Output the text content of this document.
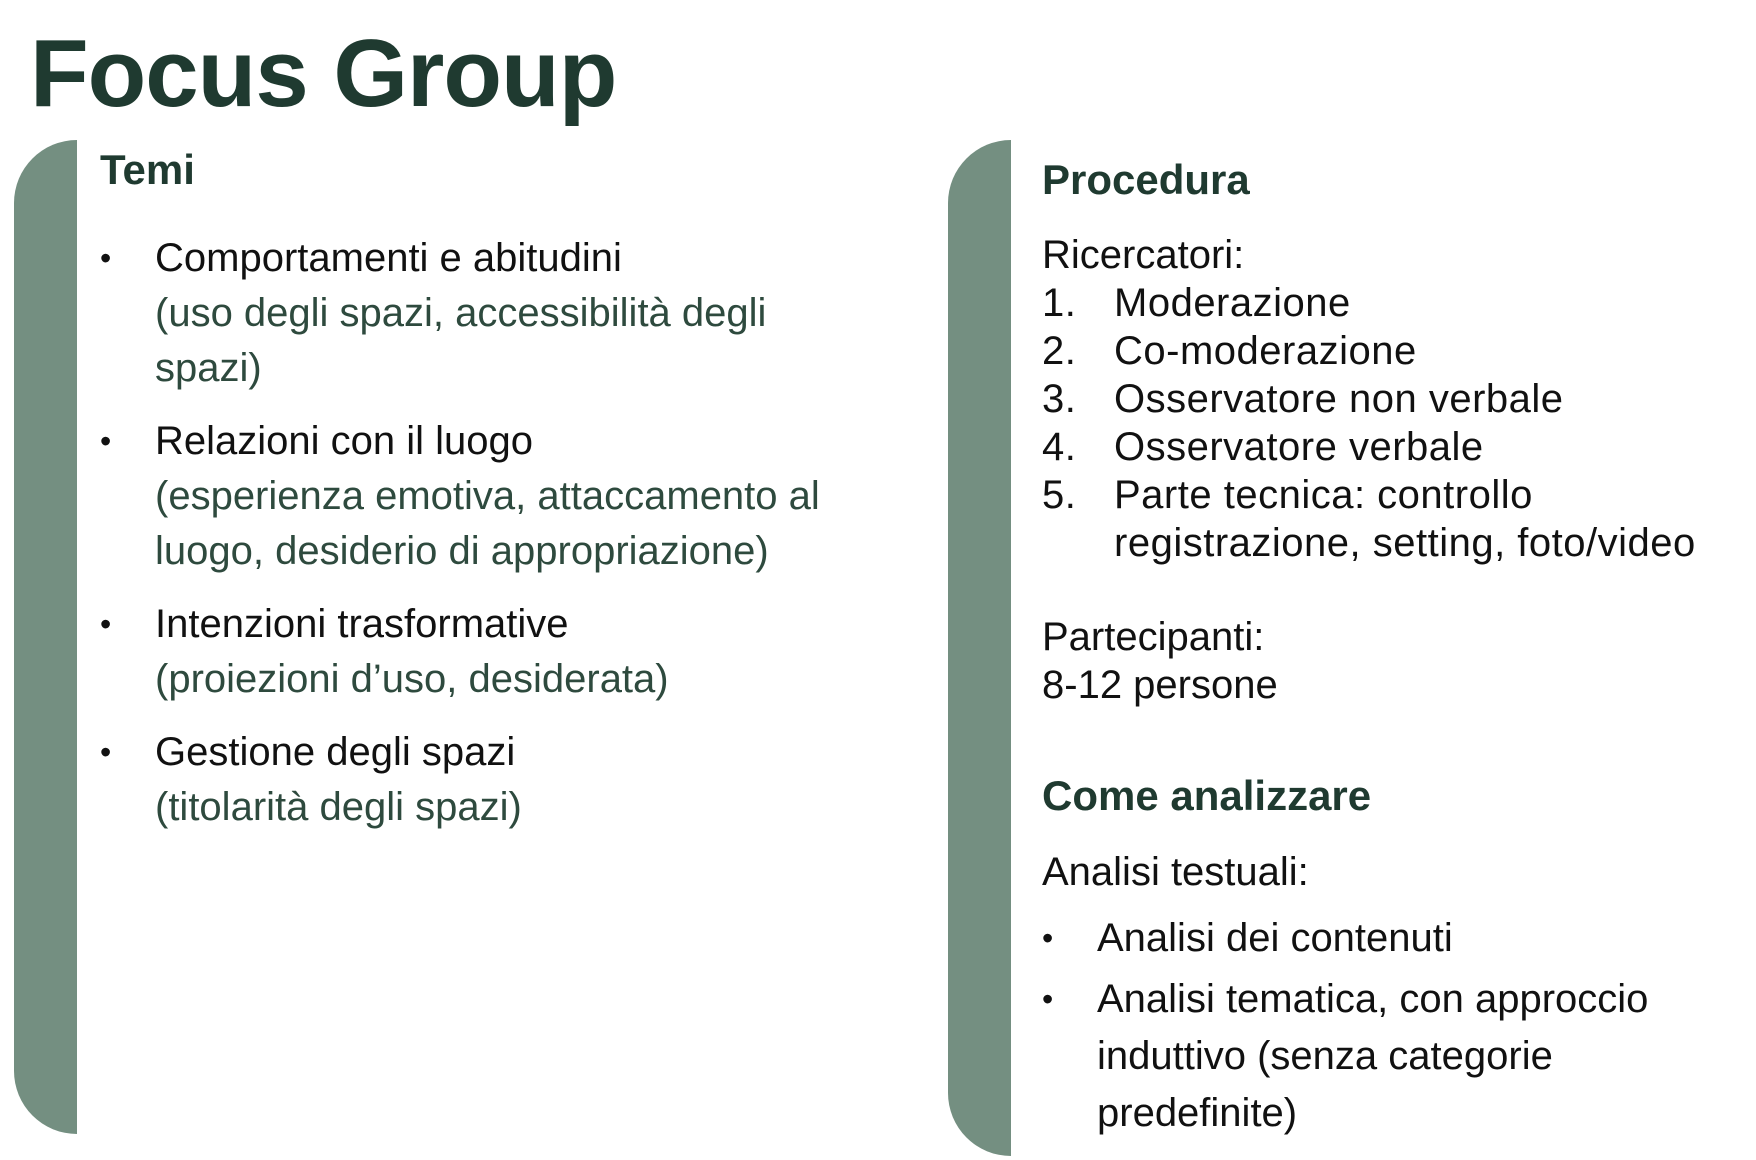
Focus Group
Temi
• Comportamenti e abitudini
(uso degli spazi, accessibilità degli spazi)
• Relazioni con il luogo
(esperienza emotiva, attaccamento al luogo, desiderio di appropriazione)
• Intenzioni trasformative
(proiezioni d’uso, desiderata)
• Gestione degli spazi
(titolarità degli spazi)
Procedura

Ricercatori:

1. Moderazione
2. Co-moderazione
3. Osservatore non verbale
4. Osservatore verbale
5. Parte tecnica: controllo registrazione, setting, foto/video

Partecipanti:

8-12 persone

Come analizzare

Analisi testuali:

• Analisi dei contenuti
• Analisi tematica, con approccio induttivo (senza categorie predefinite)
